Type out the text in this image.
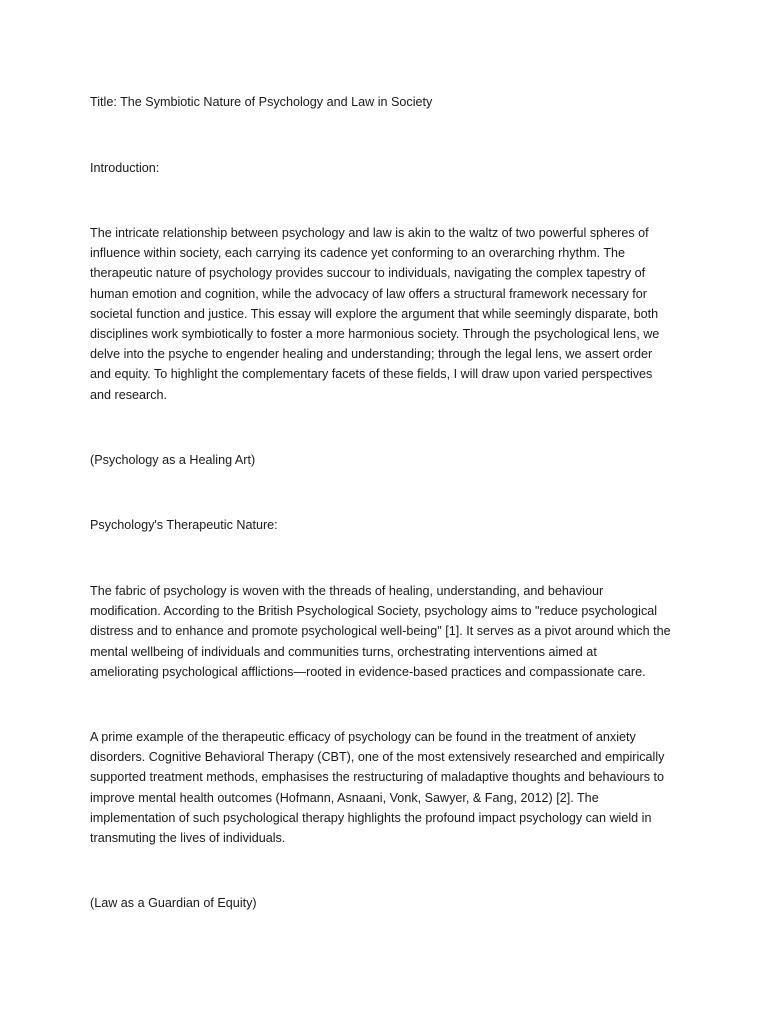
Title: The Symbiotic Nature of Psychology and Law in Society
Introduction:
The intricate relationship between psychology and law is akin to the waltz of two powerful spheres of
influence within society, each carrying its cadence yet conforming to an overarching rhythm. The
therapeutic nature of psychology provides succour to individuals, navigating the complex tapestry of
human emotion and cognition, while the advocacy of law offers a structural framework necessary for
societal function and justice. This essay will explore the argument that while seemingly disparate, both
disciplines work symbiotically to foster a more harmonious society. Through the psychological lens, we
delve into the psyche to engender healing and understanding; through the legal lens, we assert order
and equity. To highlight the complementary facets of these fields, I will draw upon varied perspectives
and research.
(Psychology as a Healing Art)
Psychology's Therapeutic Nature:
The fabric of psychology is woven with the threads of healing, understanding, and behaviour
modification. According to the British Psychological Society, psychology aims to "reduce psychological
distress and to enhance and promote psychological well-being" [1]. It serves as a pivot around which the
mental wellbeing of individuals and communities turns, orchestrating interventions aimed at
ameliorating psychological afflictions—rooted in evidence-based practices and compassionate care.
A prime example of the therapeutic efficacy of psychology can be found in the treatment of anxiety
disorders. Cognitive Behavioral Therapy (CBT), one of the most extensively researched and empirically
supported treatment methods, emphasises the restructuring of maladaptive thoughts and behaviours to
improve mental health outcomes (Hofmann, Asnaani, Vonk, Sawyer, & Fang, 2012) [2]. The
implementation of such psychological therapy highlights the profound impact psychology can wield in
transmuting the lives of individuals.
(Law as a Guardian of Equity)
